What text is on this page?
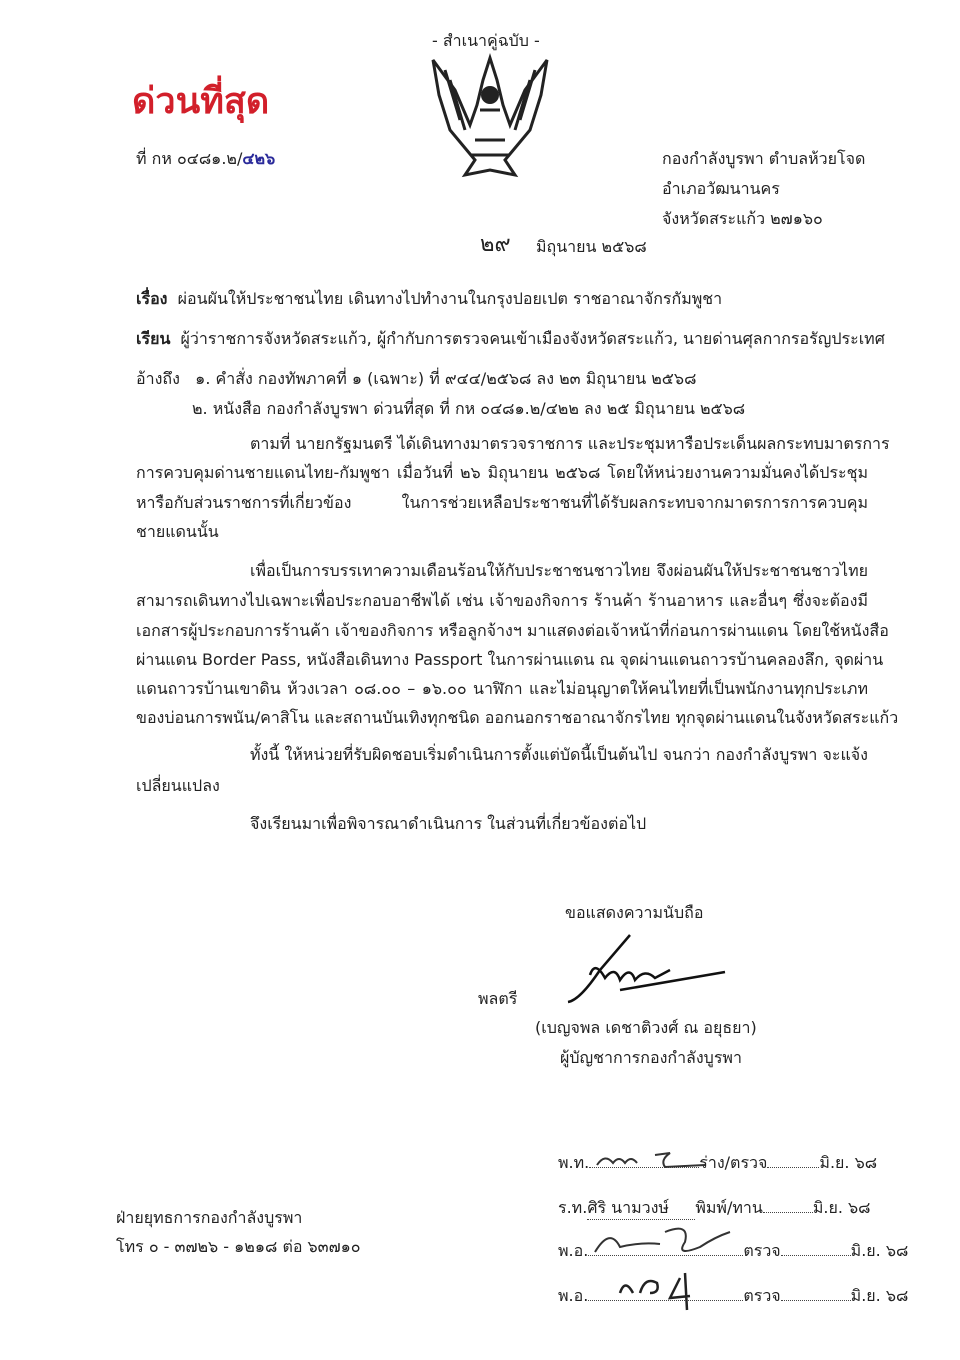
- สำเนาคู่ฉบับ -
ด่วนที่สุด
ที่ กห ๐๔๘๑.๒/๔๒๖	กองกำลังบูรพา ตำบลห้วยโจด
อำเภอวัฒนานคร
จังหวัดสระแก้ว ๒๗๑๖๐
๒๙ มิถุนายน ๒๕๖๘
เรื่อง ผ่อนผันให้ประชาชนไทย เดินทางไปทำงานในกรุงปอยเปต ราชอาณาจักรกัมพูชา
เรียน ผู้ว่าราชการจังหวัดสระแก้ว, ผู้กำกับการตรวจคนเข้าเมืองจังหวัดสระแก้ว, นายด่านศุลกากรอรัญประเทศ
อ้างถึง ๑. คำสั่ง กองทัพภาคที่ ๑ (เฉพาะ) ที่ ๙๔๔/๒๕๖๘ ลง ๒๓ มิถุนายน ๒๕๖๘
๒. หนังสือ กองกำลังบูรพา ด่วนที่สุด ที่ กห ๐๔๘๑.๒/๔๒๒ ลง ๒๕ มิถุนายน ๒๕๖๘
ตามที่ นายกรัฐมนตรี ได้เดินทางมาตรวจราชการ และประชุมหารือประเด็นผลกระทบมาตรการ
การควบคุมด่านชายแดนไทย-กัมพูชา เมื่อวันที่ ๒๖ มิถุนายน ๒๕๖๘ โดยให้หน่วยงานความมั่นคงได้ประชุม
หารือกับส่วนราชการที่เกี่ยวข้อง ในการช่วยเหลือประชาชนที่ได้รับผลกระทบจากมาตรการการควบคุม
ชายแดนนั้น
เพื่อเป็นการบรรเทาความเดือนร้อนให้กับประชาชนชาวไทย จึงผ่อนผันให้ประชาชนชาวไทย
สามารถเดินทางไปเฉพาะเพื่อประกอบอาชีพได้ เช่น เจ้าของกิจการ ร้านค้า ร้านอาหาร และอื่นๆ ซึ่งจะต้องมี
เอกสารผู้ประกอบการร้านค้า เจ้าของกิจการ หรือลูกจ้างฯ มาแสดงต่อเจ้าหน้าที่ก่อนการผ่านแดน โดยใช้หนังสือ
ผ่านแดน Border Pass, หนังสือเดินทาง Passport ในการผ่านแดน ณ จุดผ่านแดนถาวรบ้านคลองลึก, จุดผ่าน
แดนถาวรบ้านเขาดิน ห้วงเวลา ๐๘.๐๐ – ๑๖.๐๐ นาฬิกา และไม่อนุญาตให้คนไทยที่เป็นพนักงานทุกประเภท
ของบ่อนการพนัน/คาสิโน และสถานบันเทิงทุกชนิด ออกนอกราชอาณาจักรไทย ทุกจุดผ่านแดนในจังหวัดสระแก้ว
ทั้งนี้ ให้หน่วยที่รับผิดชอบเริ่มดำเนินการตั้งแต่บัดนี้เป็นต้นไป จนกว่า กองกำลังบูรพา จะแจ้ง
เปลี่ยนแปลง
จึงเรียนมาเพื่อพิจารณาดำเนินการ ในส่วนที่เกี่ยวข้องต่อไป
ขอแสดงความนับถือ
พลตรี
(เบญจพล เดชาติวงศ์ ณ อยุธยา)
ผู้บัญชาการกองกำลังบูรพา
ฝ่ายยุทธการกองกำลังบูรพา
โทร ๐ - ๓๗๒๖ - ๑๒๑๘ ต่อ ๖๓๗๑๐
พ.ท.	ร่าง/ตรวจ	มิ.ย. ๖๘
ร.ท.ศิริ นามวงษ์ พิมพ์/ทาน	มิ.ย. ๖๘
พ.อ.	ตรวจ	มิ.ย. ๖๘
พ.อ.	ตรวจ	มิ.ย. ๖๘
